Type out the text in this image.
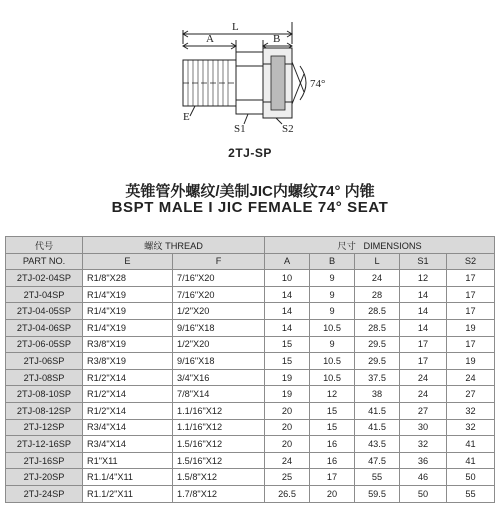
L
B
A
E
S1	S2
74°
2TJ-SP
英锥管外螺纹/美制JIC内螺纹74° 内锥
BSPT MALE I JIC FEMALE 74° SEAT
代号	螺纹 THREAD		尺寸 DIMENSIONS				
PART NO.	E	F	A	B	L	S1	S2
2TJ-02-04SP	R1/8"X28	7/16"X20	10	9	24	12	17
2TJ-04SP	R1/4"X19	7/16"X20	14	9	28	14	17
2TJ-04-05SP	R1/4"X19	1/2"X20	14	9	28.5	14	17
2TJ-04-06SP	R1/4"X19	9/16"X18	14	10.5	28.5	14	19
2TJ-06-05SP	R3/8"X19	1/2"X20	15	9	29.5	17	17
2TJ-06SP	R3/8"X19	9/16"X18	15	10.5	29.5	17	19
2TJ-08SP	R1/2"X14	3/4"X16	19	10.5	37.5	24	24
2TJ-08-10SP	R1/2"X14	7/8"X14	19	12	38	24	27
2TJ-08-12SP	R1/2"X14	1.1/16"X12	20	15	41.5	27	32
2TJ-12SP	R3/4"X14	1.1/16"X12	20	15	41.5	30	32
2TJ-12-16SP	R3/4"X14	1.5/16"X12	20	16	43.5	32	41
2TJ-16SP	R1"X11	1.5/16"X12	24	16	47.5	36	41
2TJ-20SP	R1.1/4"X11	1.5/8"X12	25	17	55	46	50
2TJ-24SP	R1.1/2"X11	1.7/8"X12	26.5	20	59.5	50	55
